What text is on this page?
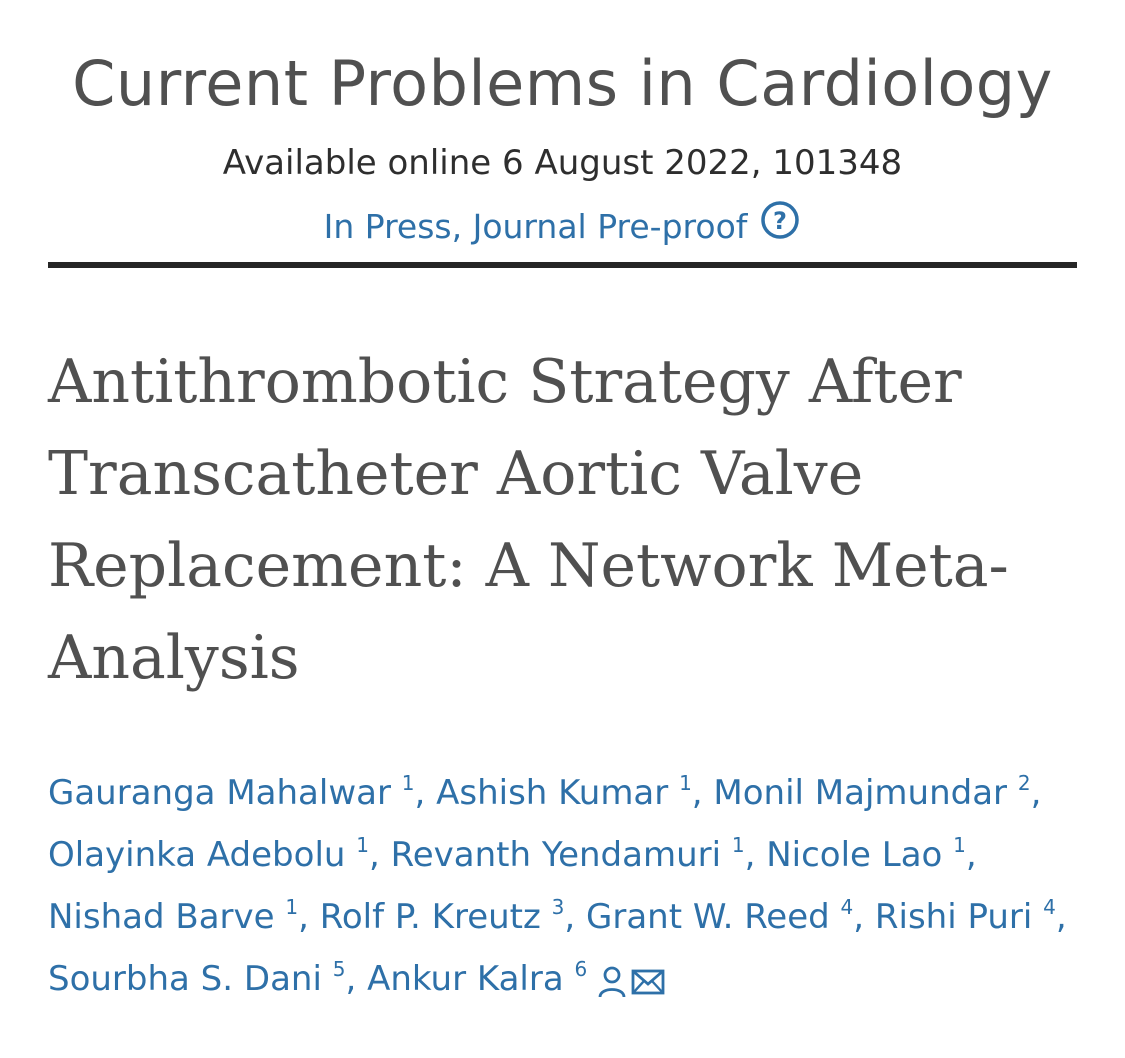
Current Problems in Cardiology
Available online 6 August 2022, 101348
In Press, Journal Pre-proof ?
Antithrombotic Strategy After Transcatheter Aortic Valve Replacement: A Network Meta-Analysis
Gauranga Mahalwar $^1$, Ashish Kumar $^1$, Monil Majmundar $^2$, Olayinka Adebolu $^1$, Revanth Yendamuri $^1$, Nicole Lao $^1$, Nishad Barve $^1$, Rolf P. Kreutz $^3$, Grant W. Reed $^4$, Rishi Puri $^4$, Sourbha S. Dani $^5$, Ankur Kalra $^6$
